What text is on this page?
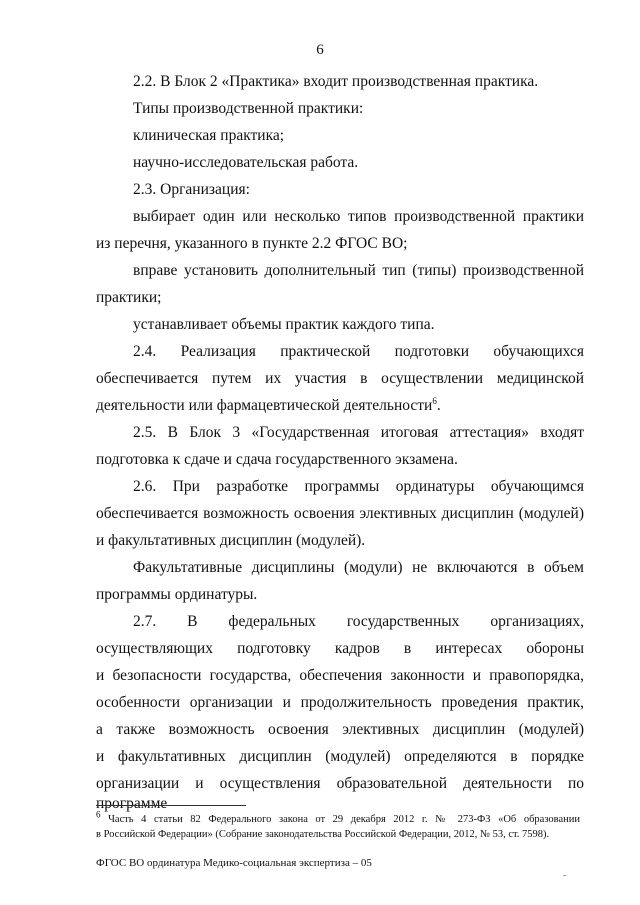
6
2.2. В Блок 2 «Практика» входит производственная практика.
Типы производственной практики:
клиническая практика;
научно-исследовательская работа.
2.3. Организация:
выбирает один или несколько типов производственной практики
из перечня, указанного в пункте 2.2 ФГОС ВО;
вправе установить дополнительный тип (типы) производственной
практики;
устанавливает объемы практик каждого типа.
2.4. Реализация практической подготовки обучающихся
обеспечивается путем их участия в осуществлении медицинской
деятельности или фармацевтической деятельности$^6$.
2.5. В Блок 3 «Государственная итоговая аттестация» входят
подготовка к сдаче и сдача государственного экзамена.
2.6. При разработке программы ординатуры обучающимся
обеспечивается возможность освоения элективных дисциплин (модулей)
и факультативных дисциплин (модулей).
Факультативные дисциплины (модули) не включаются в объем
программы ординатуры.
2.7. В федеральных государственных организациях,
осуществляющих подготовку кадров в интересах обороны
и безопасности государства, обеспечения законности и правопорядка,
особенности организации и продолжительность проведения практик,
а также возможность освоения элективных дисциплин (модулей)
и факультативных дисциплин (модулей) определяются в порядке
организации и осуществления образовательной деятельности по программе
$^6$ Часть 4 статьи 82 Федерального закона от 29 декабря 2012 г. № 273-ФЗ «Об образовании
в Российской Федерации» (Собрание законодательства Российской Федерации, 2012, № 53, ст. 7598).
ФГОС ВО ординатура Медико-социальная экспертиза – 05
-
